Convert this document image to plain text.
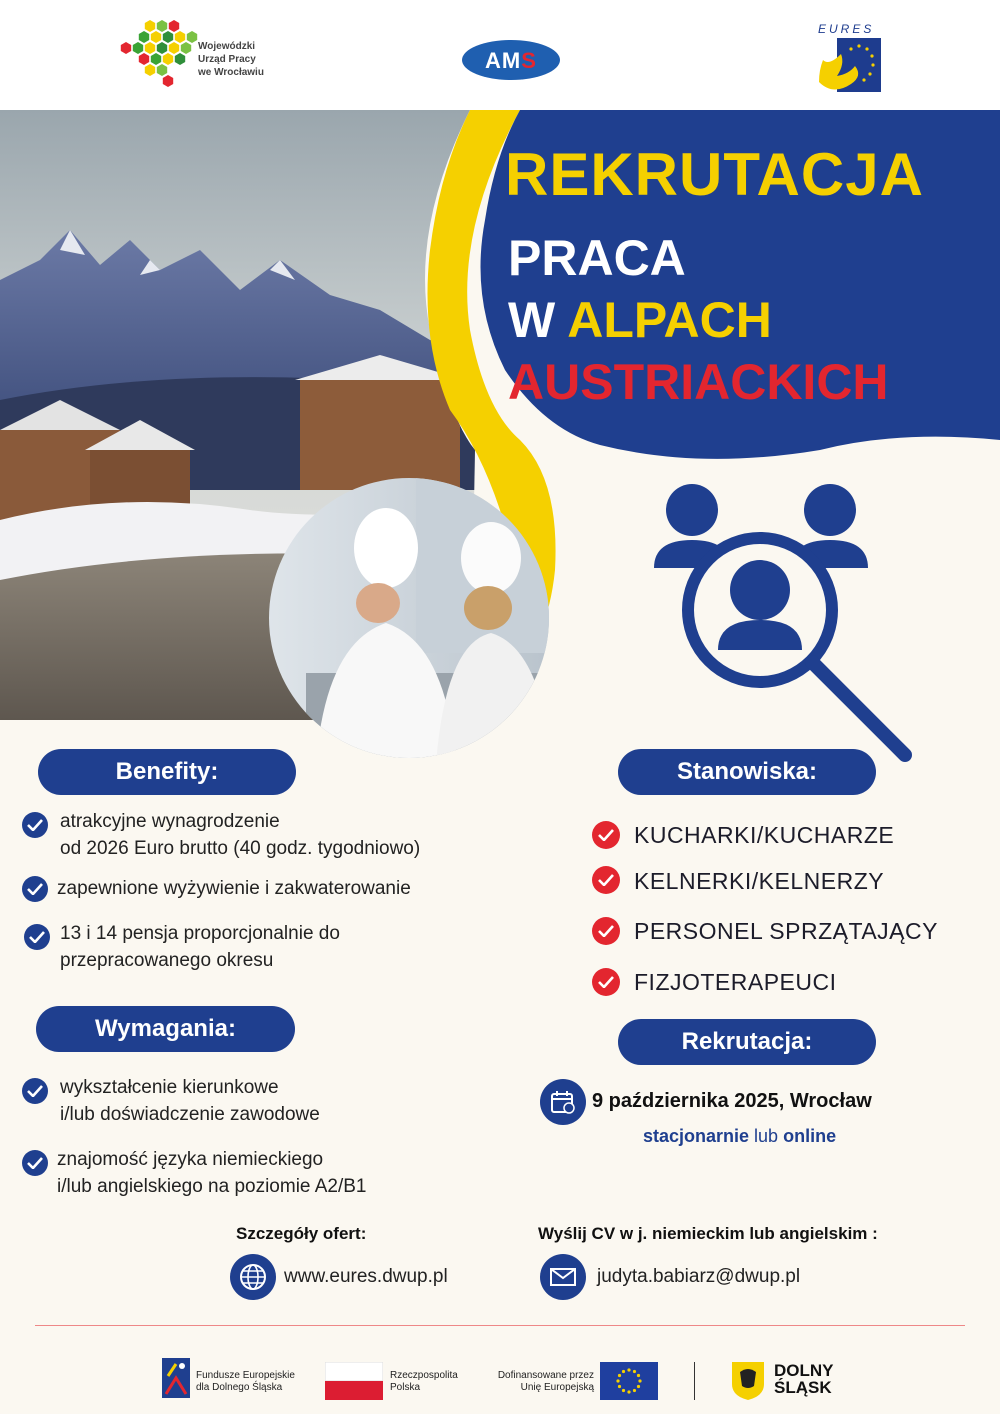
Wojewódzki
Urząd Pracy
we Wrocławiu	AMS
EURES
REKRUTACJA
PRACA
W ALPACH
AUSTRIACKICH
Benefity:
atrakcyjne wynagrodzenie
od 2026 Euro brutto (40 godz. tygodniowo)
zapewnione wyżywienie i zakwaterowanie
13 i 14 pensja proporcjonalnie do
przepracowanego okresu
Wymagania:
wykształcenie kierunkowe
i/lub doświadczenie zawodowe
znajomość języka niemieckiego
i/lub angielskiego na poziomie A2/B1
Stanowiska:
KUCHARKI/KUCHARZE
KELNERKI/KELNERZY
PERSONEL SPRZĄTAJĄCY
FIZJOTERAPEUCI
Rekrutacja:
9 października 2025, Wrocław
stacjonarnie lub online
Szczegóły ofert:
www.eures.dwup.pl
Wyślij CV w j. niemieckim lub angielskim :
judyta.babiarz@dwup.pl
Fundusze Europejskie
dla Dolnego Śląska
Rzeczpospolita
Polska
Dofinansowane przez
Unię Europejską
DOLNY
ŚLĄSK
